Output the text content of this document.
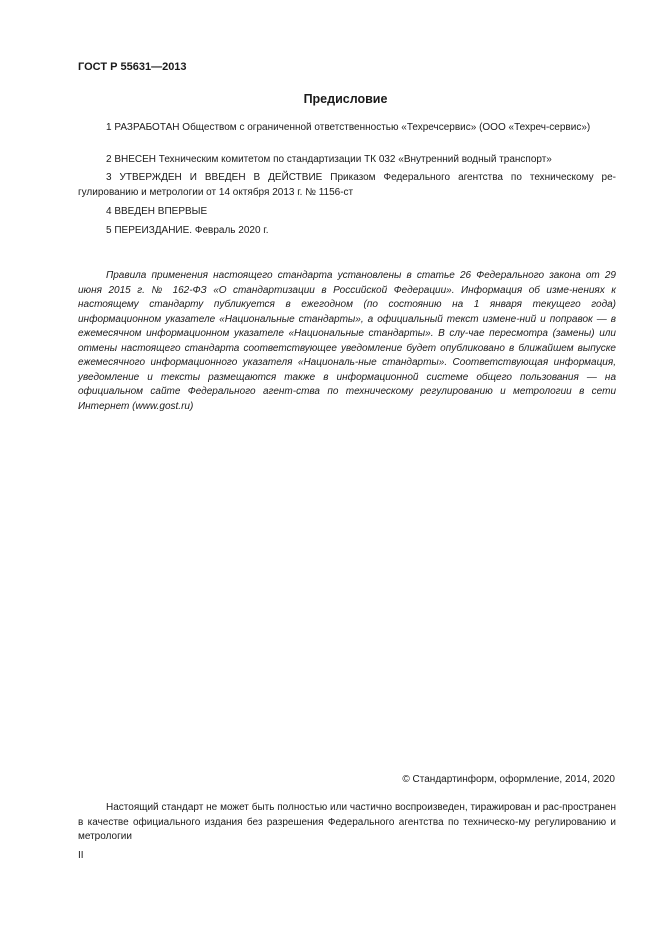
ГОСТ Р 55631—2013
Предисловие

1 РАЗРАБОТАН Обществом с ограниченной ответственностью «Техречсервис» (ООО «Техреч-сервис»)

2 ВНЕСЕН Техническим комитетом по стандартизации ТК 032 «Внутренний водный транспорт»

3 УТВЕРЖДЕН И ВВЕДЕН В ДЕЙСТВИЕ Приказом Федерального агентства по техническому ре-гулированию и метрологии от 14 октября 2013 г. № 1156-ст

4 ВВЕДЕН ВПЕРВЫЕ

5 ПЕРЕИЗДАНИЕ. Февраль 2020 г.

Правила применения настоящего стандарта установлены в статье 26 Федерального закона от 29 июня 2015 г. № 162-ФЗ «О стандартизации в Российской Федерации». Информация об изме-нениях к настоящему стандарту публикуется в ежегодном (по состоянию на 1 января текущего года) информационном указателе «Национальные стандарты», а официальный текст измене-ний и поправок — в ежемесячном информационном указателе «Национальные стандарты». В слу-чае пересмотра (замены) или отмены настоящего стандарта соответствующее уведомление будет опубликовано в ближайшем выпуске ежемесячного информационного указателя «Националь-ные стандарты». Соответствующая информация, уведомление и тексты размещаются также в информационной системе общего пользования — на официальном сайте Федерального агент-ства по техническому регулированию и метрологии в сети Интернет (www.gost.ru)

© Стандартинформ, оформление, 2014, 2020

Настоящий стандарт не может быть полностью или частично воспроизведен, тиражирован и рас-пространен в качестве официального издания без разрешения Федерального агентства по техническо-му регулированию и метрологии

II
